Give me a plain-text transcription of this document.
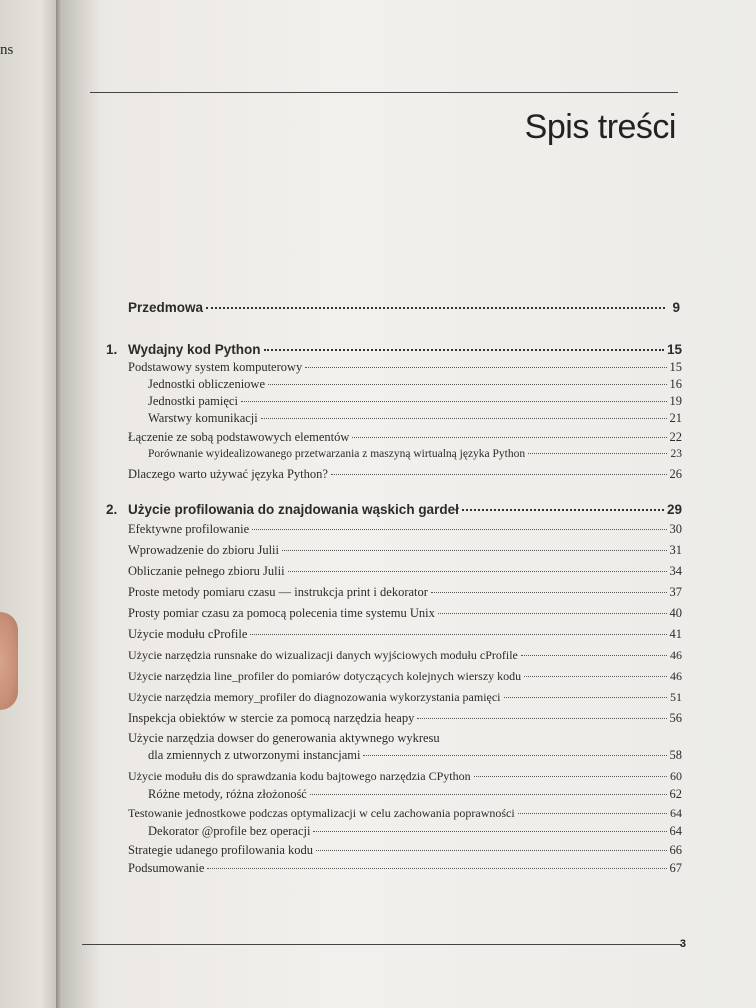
ns
Spis treści
Przedmowa	9
1. Wydajny kod Python	15
Podstawowy system komputerowy	15
Jednostki obliczeniowe	16
Jednostki pamięci	19
Warstwy komunikacji	21
Łączenie ze sobą podstawowych elementów	22
Porównanie wyidealizowanego przetwarzania z maszyną wirtualną języka Python	23
Dlaczego warto używać języka Python?	26
2. Użycie profilowania do znajdowania wąskich gardeł	29
Efektywne profilowanie	30
Wprowadzenie do zbioru Julii	31
Obliczanie pełnego zbioru Julii	34
Proste metody pomiaru czasu — instrukcja print i dekorator	37
Prosty pomiar czasu za pomocą polecenia time systemu Unix	40
Użycie modułu cProfile	41
Użycie narzędzia runsnake do wizualizacji danych wyjściowych modułu cProfile	46
Użycie narzędzia line_profiler do pomiarów dotyczących kolejnych wierszy kodu	46
Użycie narzędzia memory_profiler do diagnozowania wykorzystania pamięci	51
Inspekcja obiektów w stercie za pomocą narzędzia heapy	56
Użycie narzędzia dowser do generowania aktywnego wykresu
dla zmiennych z utworzonymi instancjami	58
Użycie modułu dis do sprawdzania kodu bajtowego narzędzia CPython	60
Różne metody, różna złożoność	62
Testowanie jednostkowe podczas optymalizacji w celu zachowania poprawności	64
Dekorator @profile bez operacji	64
Strategie udanego profilowania kodu	66
Podsumowanie	67
3
